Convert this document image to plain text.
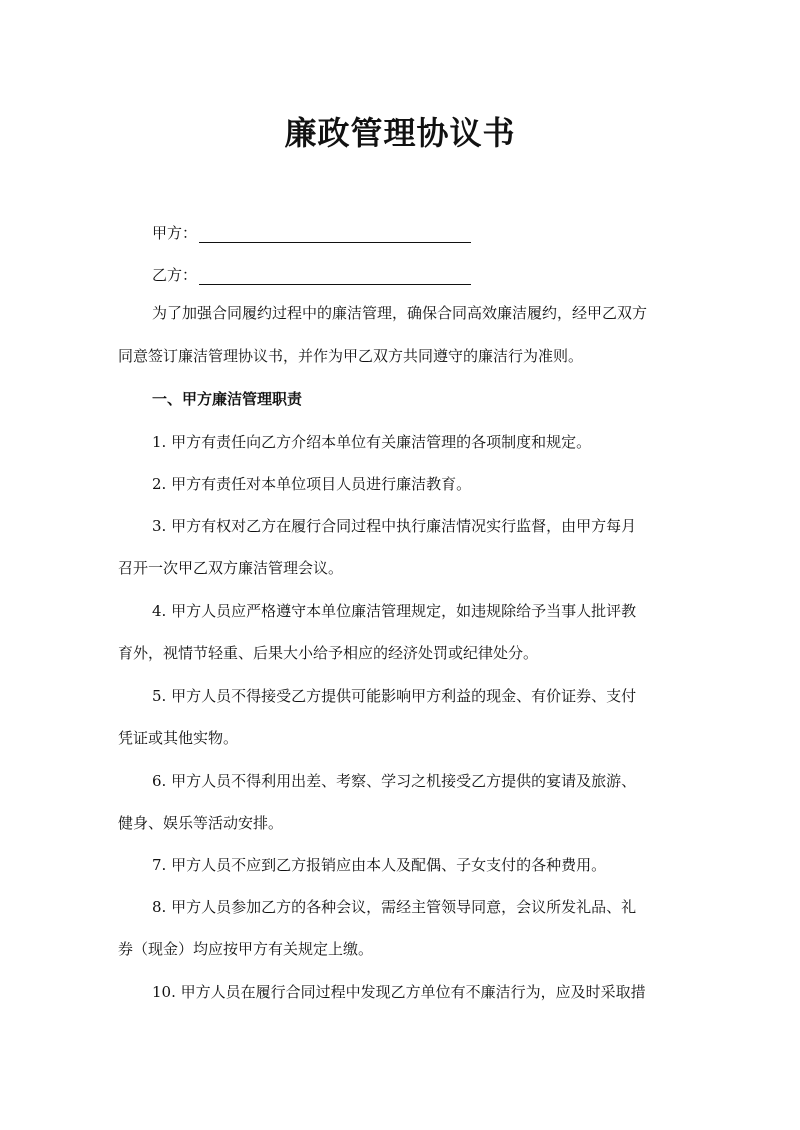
廉政管理协议书
甲方：
乙方：
为了加强合同履约过程中的廉洁管理，确保合同高效廉洁履约，经甲乙双方
同意签订廉洁管理协议书，并作为甲乙双方共同遵守的廉洁行为准则。
一、甲方廉洁管理职责
1. 甲方有责任向乙方介绍本单位有关廉洁管理的各项制度和规定。
2. 甲方有责任对本单位项目人员进行廉洁教育。
3. 甲方有权对乙方在履行合同过程中执行廉洁情况实行监督，由甲方每月
召开一次甲乙双方廉洁管理会议。
4. 甲方人员应严格遵守本单位廉洁管理规定，如违规除给予当事人批评教
育外，视情节轻重、后果大小给予相应的经济处罚或纪律处分。
5. 甲方人员不得接受乙方提供可能影响甲方利益的现金、有价证券、支付
凭证或其他实物。
6. 甲方人员不得利用出差、考察、学习之机接受乙方提供的宴请及旅游、
健身、娱乐等活动安排。
7. 甲方人员不应到乙方报销应由本人及配偶、子女支付的各种费用。
8. 甲方人员参加乙方的各种会议，需经主管领导同意，会议所发礼品、礼
券（现金）均应按甲方有关规定上缴。
10. 甲方人员在履行合同过程中发现乙方单位有不廉洁行为，应及时采取措
